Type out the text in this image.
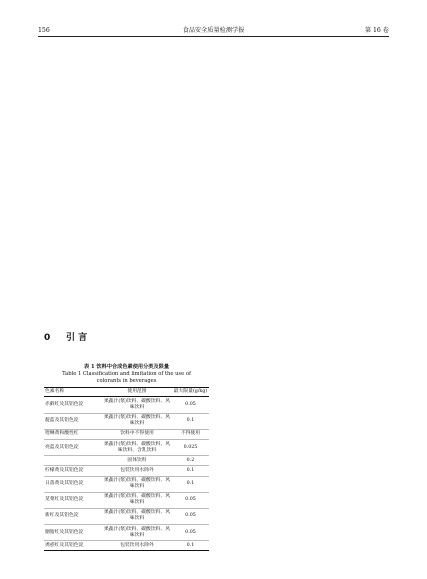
156	食品安全质量检测学报	第 16 卷
0 引 言
表 1 饮料中合成色素使用分类及限量
Table 1 Classification and limitation of the use of
colorants in beverages
色素名称	使用范围	最大限量(g/kg)
赤藓红及其铝色淀	果蔬汁(浆)饮料、碳酸饮料、风味饮料	0.05
靛蓝及其铝色淀	果蔬汁(浆)饮料、碳酸饮料、风味饮料	0.1
喹啉黄和酸性红	饮料中不得使用	不得使用
亮蓝及其铝色淀	果蔬汁(浆)饮料、碳酸饮料、风味饮料、含乳饮料	0.025
	固体饮料	0.2
柠檬黄及其铝色淀	包装饮用水除外	0.1
日落黄及其铝色淀	果蔬汁(浆)饮料、碳酸饮料、风味饮料	0.1
苋菜红及其铝色淀	果蔬汁(浆)饮料、碳酸饮料、风味饮料	0.05
新红及其铝色淀	果蔬汁(浆)饮料、碳酸饮料、风味饮料	0.05
胭脂红及其铝色淀	果蔬汁(浆)饮料、碳酸饮料、风味饮料	0.05
诱惑红及其铝色淀	包装饮用水除外	0.1
